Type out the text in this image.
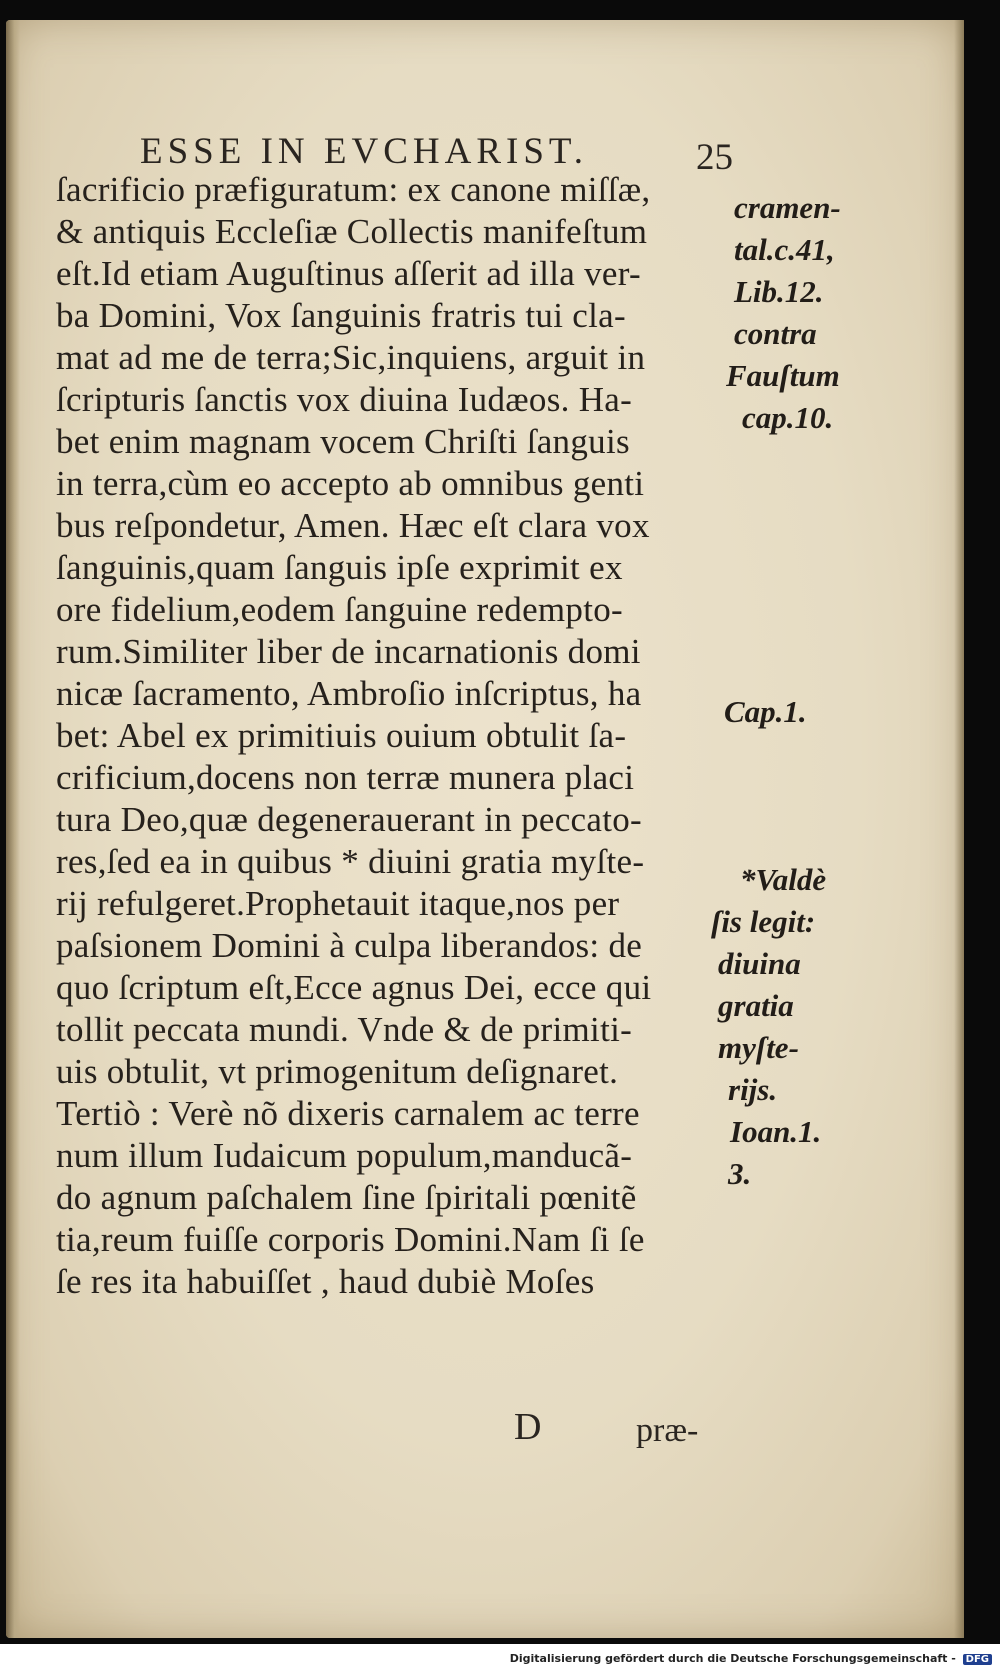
ESSE IN EVCHARIST.	25
ſacrificio præfiguratum: ex canone miſſæ,
& antiquis Eccleſiæ Collectis manifeſtum
eſt.Id etiam Auguſtinus aſſerit ad illa ver-
ba Domini, Vox ſanguinis fratris tui cla-
mat ad me de terra;Sic,inquiens, arguit in
ſcripturis ſanctis vox diuina Iudæos. Ha-
bet enim magnam vocem Chriſti ſanguis
in terra,cùm eo accepto ab omnibus genti
bus reſpondetur, Amen. Hæc eſt clara vox
ſanguinis,quam ſanguis ipſe exprimit ex
ore fidelium,eodem ſanguine redempto-
rum.Similiter liber de incarnationis domi
nicæ ſacramento, Ambroſio inſcriptus, ha
bet: Abel ex primitiuis ouium obtulit ſa-
crificium,docens non terræ munera placi
tura Deo,quæ degenerauerant in peccato-
res,ſed ea in quibus * diuini gratia myſte-
rij refulgeret.Prophetauit itaque,nos per
paſsionem Domini à culpa liberandos: de
quo ſcriptum eſt,Ecce agnus Dei, ecce qui
tollit peccata mundi. Vnde & de primiti-
uis obtulit, vt primogenitum deſignaret.
Tertiò : Verè nõ dixeris carnalem ac terre
num illum Iudaicum populum,manducã-
do agnum paſchalem ſine ſpiritali pœnitẽ
tia,reum fuiſſe corporis Domini.Nam ſi ſe
ſe res ita habuiſſet , haud dubiè Moſes
cramen-
tal.c.41,
Lib.12.
contra
Fauſtum
cap.10.
Cap.1.
*Valdè
ſis legit:
diuina
gratia
myſte-
rijs.
Ioan.1.
3.
D	præ-
Digitalisierung gefördert durch die Deutsche Forschungsgemeinschaft - DFG
